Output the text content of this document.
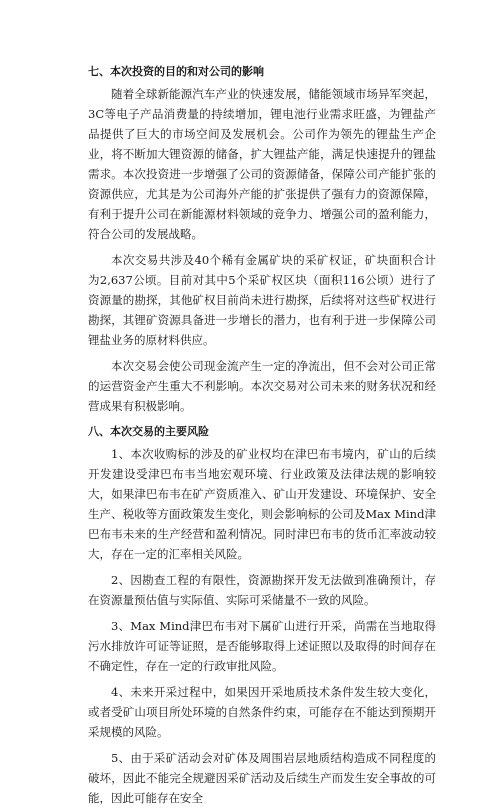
七、本次投资的目的和对公司的影响

随着全球新能源汽车产业的快速发展，储能领域市场异军突起，3C等电子产品消费量的持续增加，锂电池行业需求旺盛，为锂盐产品提供了巨大的市场空间及发展机会。公司作为领先的锂盐生产企业，将不断加大锂资源的储备，扩大锂盐产能，满足快速提升的锂盐需求。本次投资进一步增强了公司的资源储备，保障公司产能扩张的资源供应，尤其是为公司海外产能的扩张提供了强有力的资源保障，有利于提升公司在新能源材料领域的竞争力、增强公司的盈利能力，符合公司的发展战略。

本次交易共涉及40个稀有金属矿块的采矿权证，矿块面积合计为2,637公顷。目前对其中5个采矿权区块（面积116公顷）进行了资源量的勘探，其他矿权目前尚未进行勘探，后续将对这些矿权进行勘探，其锂矿资源具备进一步增长的潜力，也有利于进一步保障公司锂盐业务的原材料供应。

本次交易会使公司现金流产生一定的净流出，但不会对公司正常的运营资金产生重大不利影响。本次交易对公司未来的财务状况和经营成果有积极影响。

八、本次交易的主要风险

1、本次收购标的涉及的矿业权均在津巴布韦境内，矿山的后续开发建设受津巴布韦当地宏观环境、行业政策及法律法规的影响较大，如果津巴布韦在矿产资质准入、矿山开发建设、环境保护、安全生产、税收等方面政策发生变化，则会影响标的公司及Max Mind津巴布韦未来的生产经营和盈利情况。同时津巴布韦的货币汇率波动较大，存在一定的汇率相关风险。

2、因勘查工程的有限性，资源勘探开发无法做到准确预计，存在资源量预估值与实际值、实际可采储量不一致的风险。

3、Max Mind津巴布韦对下属矿山进行开采，尚需在当地取得污水排放许可证等证照，是否能够取得上述证照以及取得的时间存在不确定性，存在一定的行政审批风险。

4、未来开采过程中，如果因开采地质技术条件发生较大变化，或者受矿山项目所处环境的自然条件约束，可能存在不能达到预期开采规模的风险。

5、由于采矿活动会对矿体及周围岩层地质结构造成不同程度的破坏，因此不能完全规避因采矿活动及后续生产而发生安全事故的可能，因此可能存在安全
